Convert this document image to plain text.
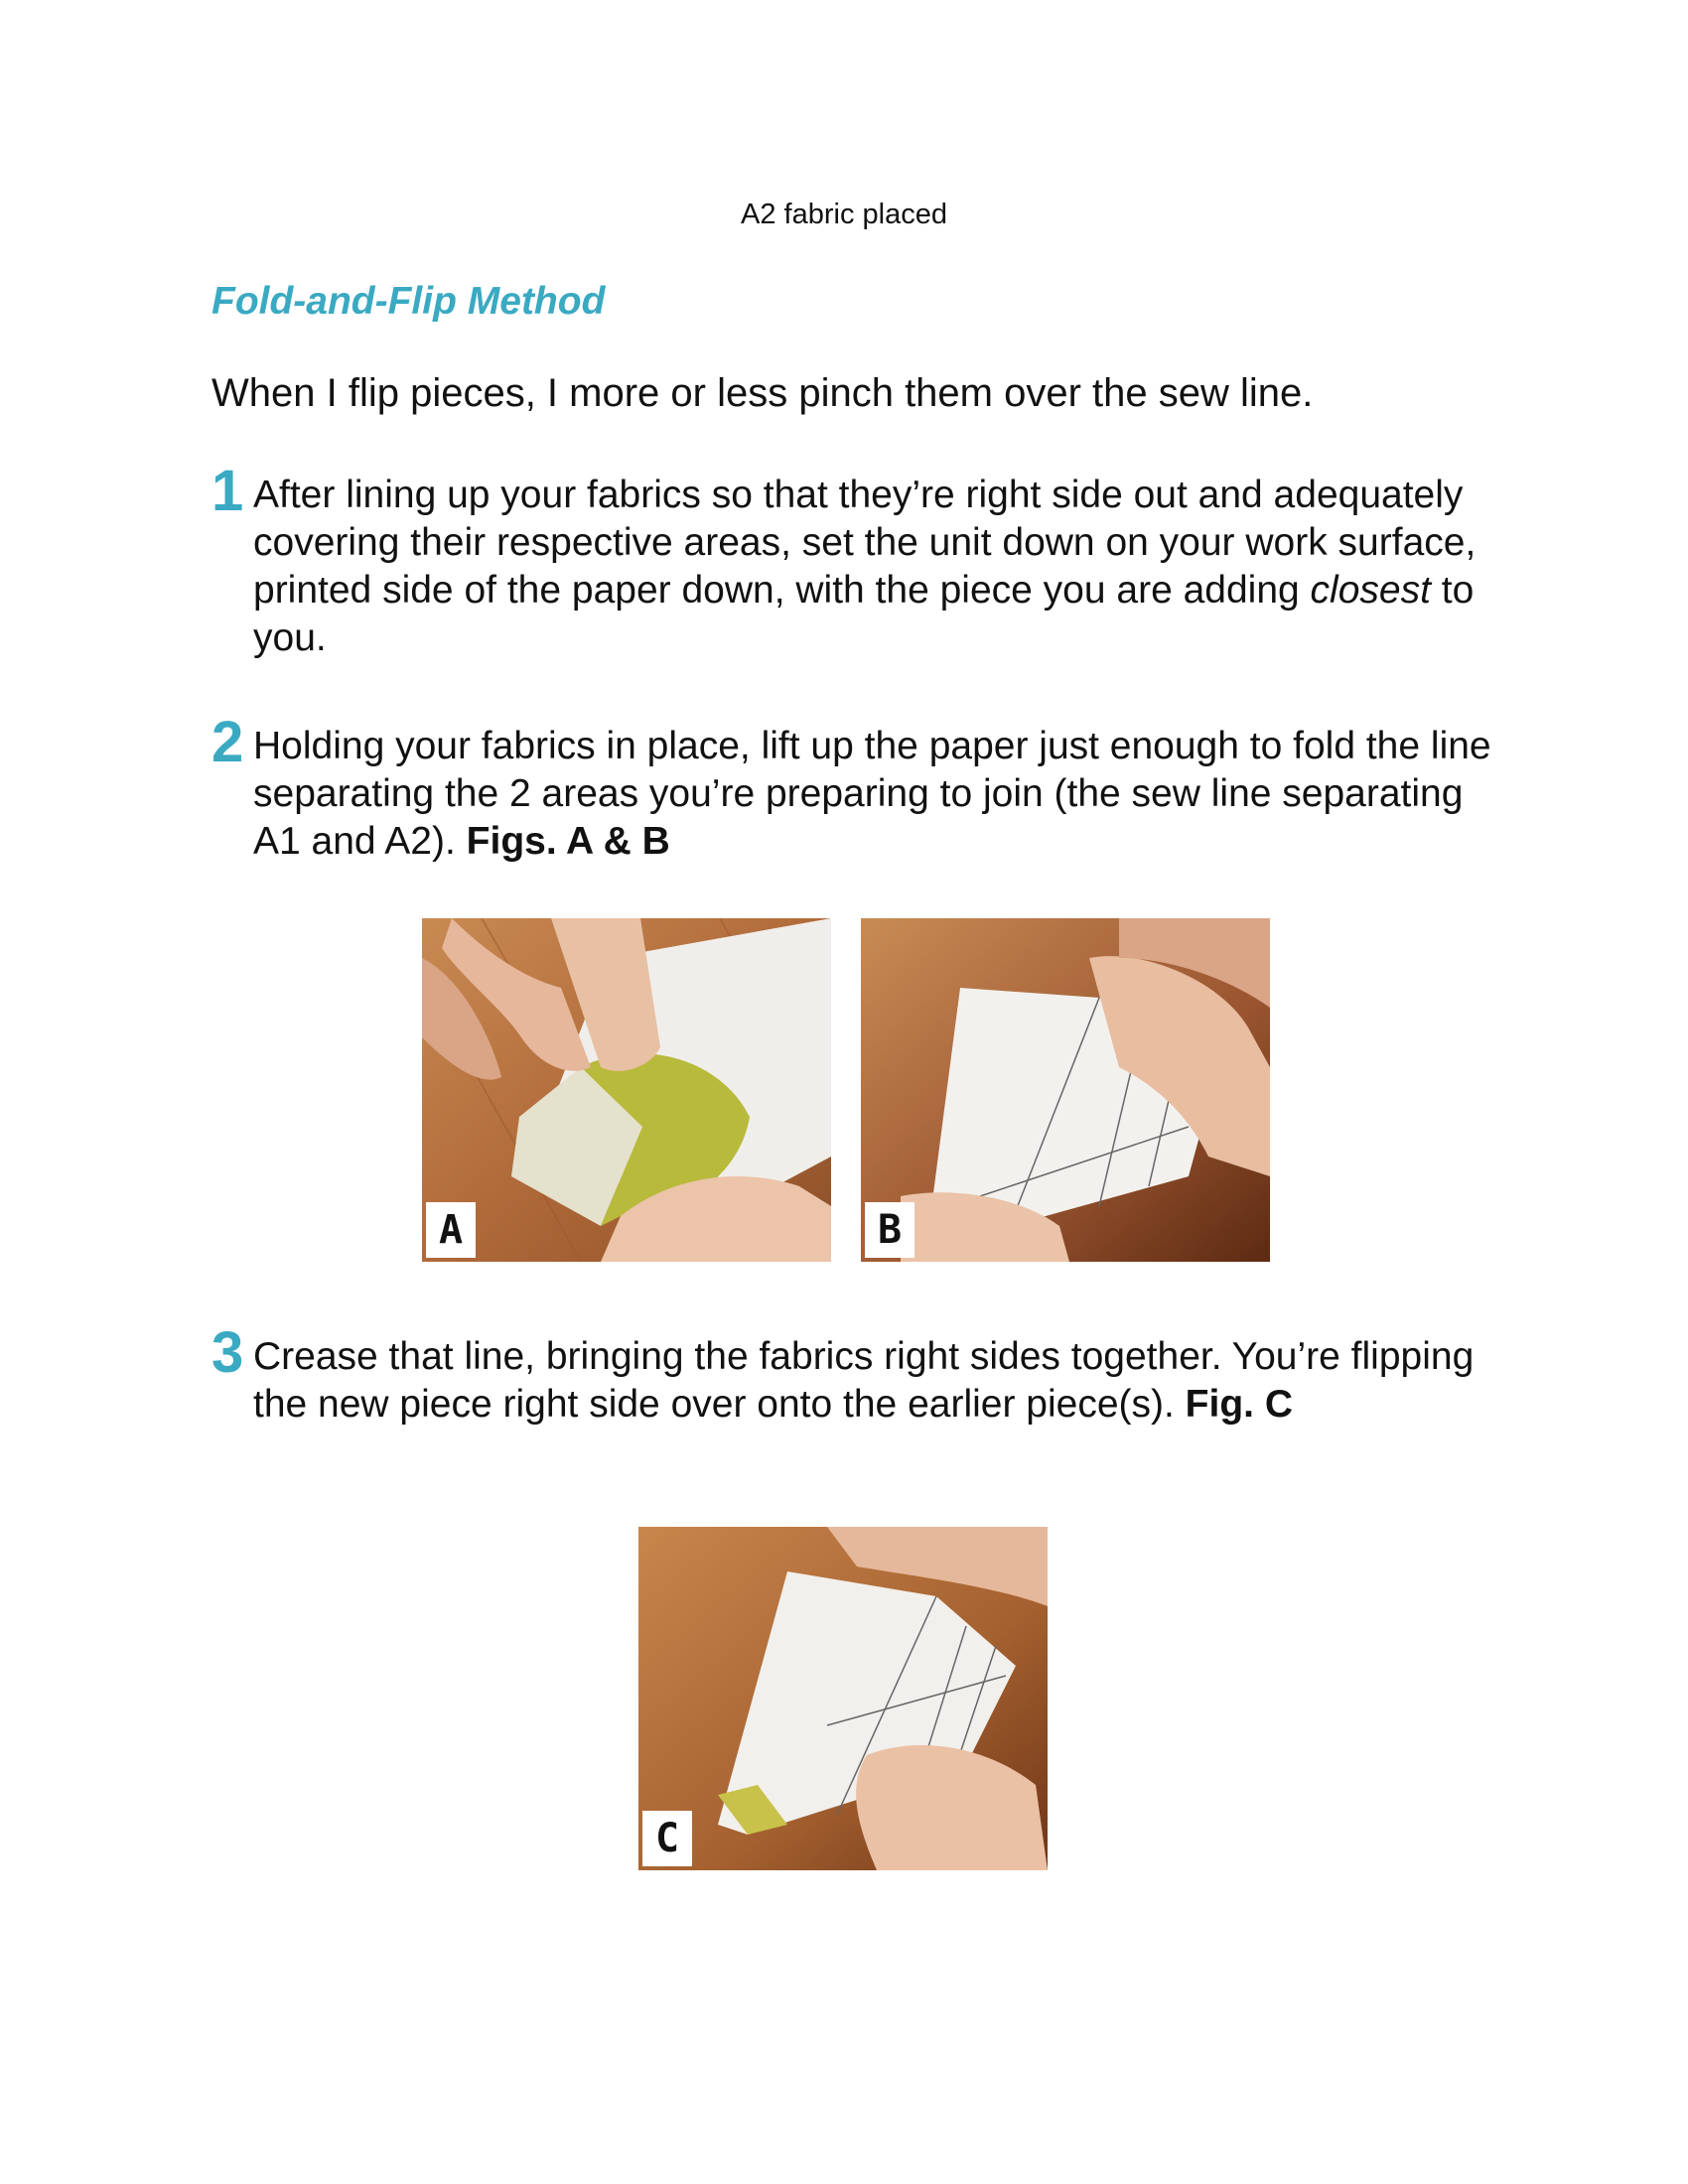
A2 fabric placed
Fold-and-Flip Method

When I flip pieces, I more or less pinch them over the sew line.

1 After lining up your fabrics so that they’re right side out and adequately covering their respective areas, set the unit down on your work surface, printed side of the paper down, with the piece you are adding closest to you.

2 Holding your fabrics in place, lift up the paper just enough to fold the line separating the 2 areas you’re preparing to join (the sew line separating A1 and A2). Figs. A & B

A	B
3 Crease that line, bringing the fabrics right sides together. You’re flipping the new piece right side over onto the earlier piece(s). Fig. C

C
